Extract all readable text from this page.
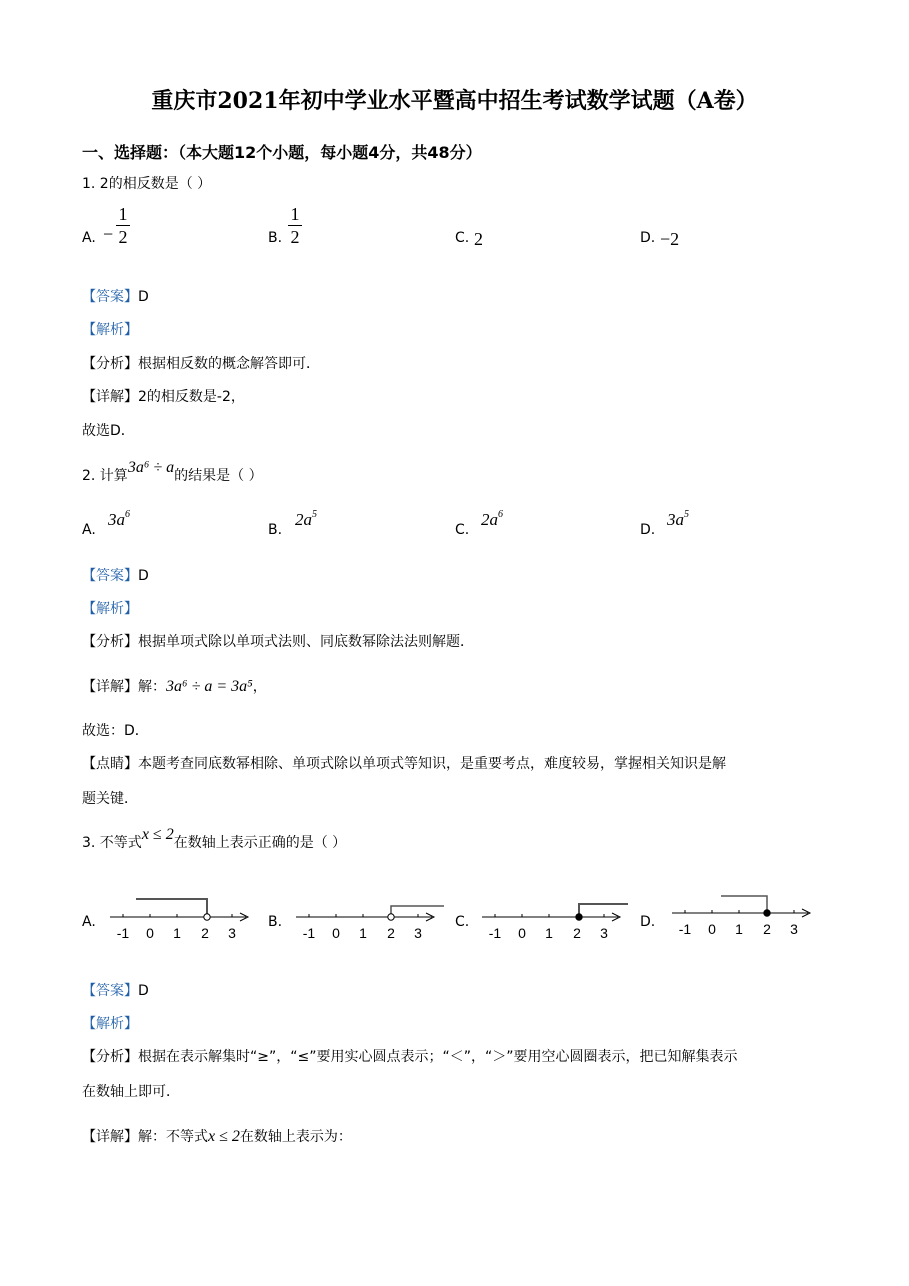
重庆市2021年初中学业水平暨高中招生考试数学试题（A卷）
一、选择题：（本大题12个小题，每小题4分，共48分）
1. 2的相反数是（ ）
A. −
1
2	B.
1
2	C. 2	D. −2
【答案】D
【解析】
【分析】根据相反数的概念解答即可．
【详解】2的相反数是-2，
故选D．
2. 计算3a⁶ ÷ a的结果是（ ）
A.
$3a^6$
B.
$2a^5$
C.
$2a^6$
D.
$3a^5$
【答案】D
【解析】
【分析】根据单项式除以单项式法则、同底数幂除法法则解题．
【详解】解：3a⁶ ÷ a = 3a⁵，
故选：D．
【点睛】本题考查同底数幂相除、单项式除以单项式等知识，是重要考点，难度较易，掌握相关知识是解
题关键．
3. 不等式x ≤ 2在数轴上表示正确的是（ ）
A.
-1 0 1 2 3
B.
-1 0 1 2 3
C.
-1 0 1 2 3
D. -1 0 1 2 3
【答案】D
【解析】
【分析】根据在表示解集时“≥”，“≤”要用实心圆点表示；“＜”，“＞”要用空心圆圈表示，把已知解集表示
在数轴上即可．
【详解】解：不等式x ≤ 2在数轴上表示为：
